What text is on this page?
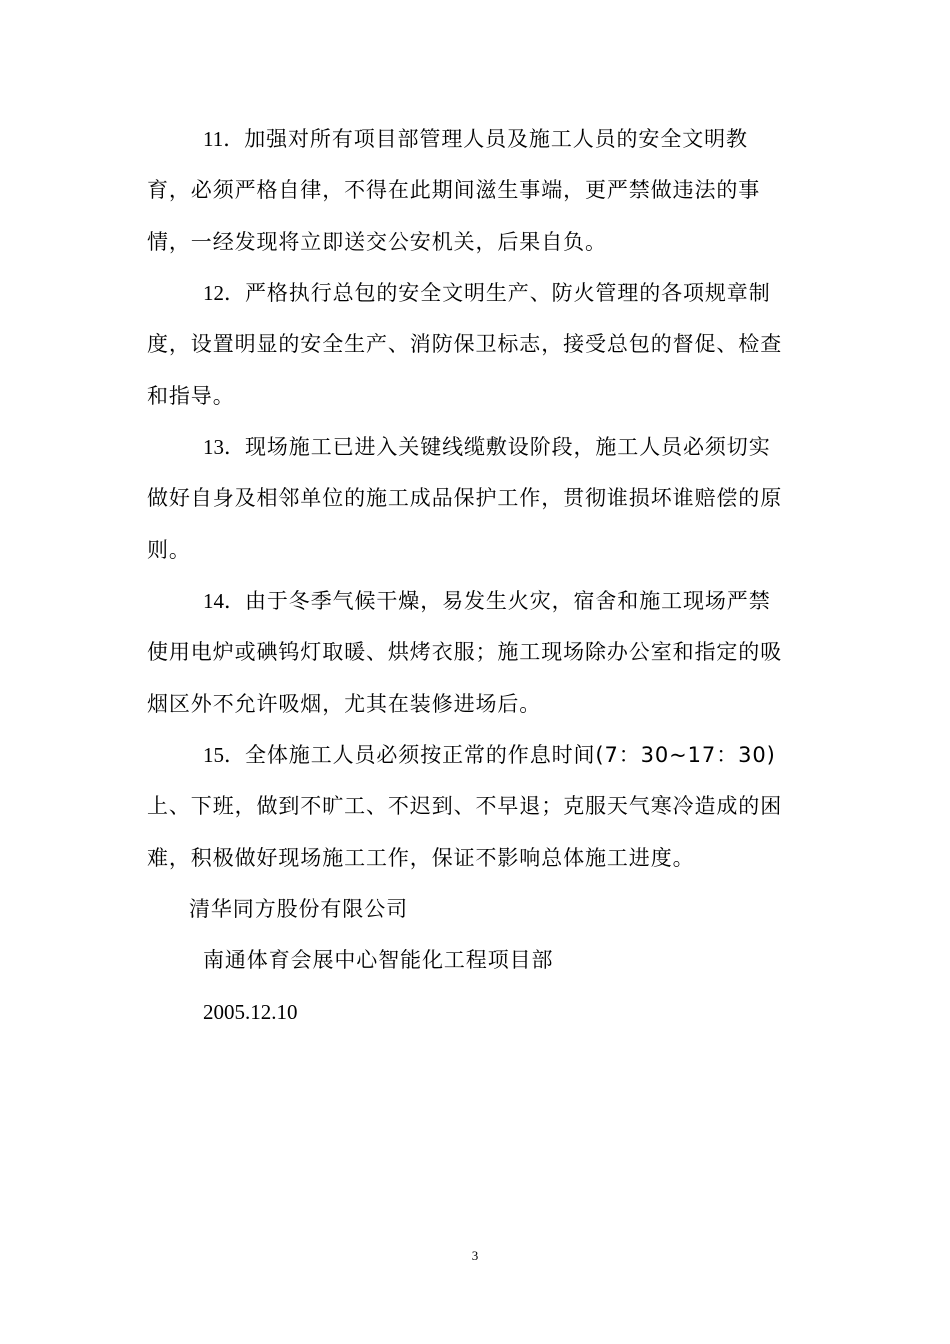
11．加强对所有项目部管理人员及施工人员的安全文明教
育，必须严格自律，不得在此期间滋生事端，更严禁做违法的事
情，一经发现将立即送交公安机关，后果自负。
12．严格执行总包的安全文明生产、防火管理的各项规章制
度，设置明显的安全生产、消防保卫标志，接受总包的督促、检查
和指导。
13．现场施工已进入关键线缆敷设阶段，施工人员必须切实
做好自身及相邻单位的施工成品保护工作，贯彻谁损坏谁赔偿的原
则。
14．由于冬季气候干燥，易发生火灾，宿舍和施工现场严禁
使用电炉或碘钨灯取暖、烘烤衣服；施工现场除办公室和指定的吸
烟区外不允许吸烟，尤其在装修进场后。
15．全体施工人员必须按正常的作息时间(7：30~17：30)
上、下班，做到不旷工、不迟到、不早退；克服天气寒冷造成的困
难，积极做好现场施工工作，保证不影响总体施工进度。
清华同方股份有限公司
南通体育会展中心智能化工程项目部
2005.12.10
3
